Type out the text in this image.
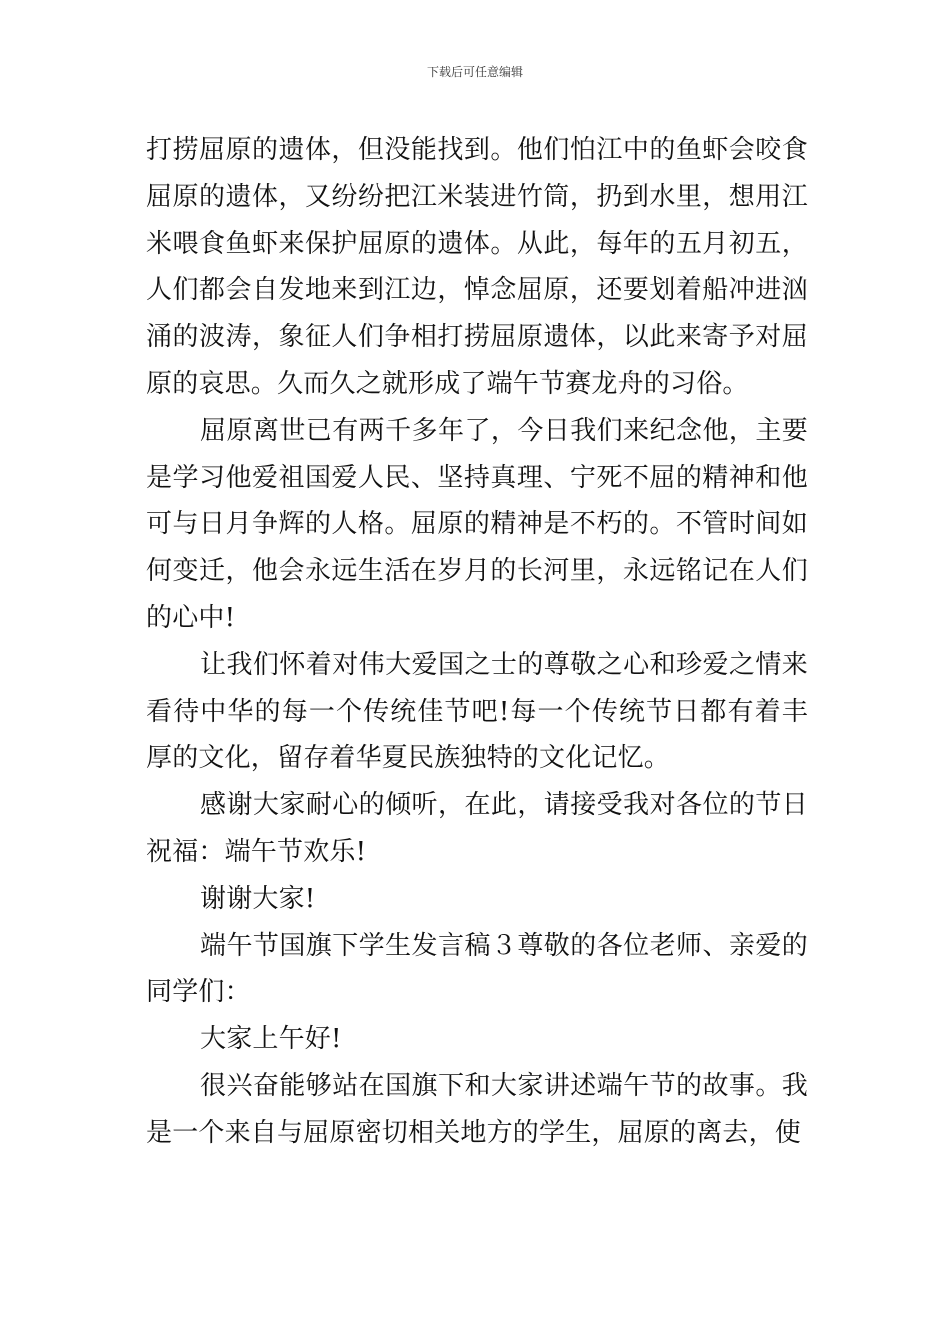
下载后可任意编辑

打捞屈原的遗体，但没能找到。他们怕江中的鱼虾会咬食屈原的遗体，又纷纷把江米装进竹筒，扔到水里，想用江米喂食鱼虾来保护屈原的遗体。从此，每年的五月初五，人们都会自发地来到江边，悼念屈原，还要划着船冲进汹涌的波涛，象征人们争相打捞屈原遗体，以此来寄予对屈原的哀思。久而久之就形成了端午节赛龙舟的习俗。

屈原离世已有两千多年了，今日我们来纪念他，主要是学习他爱祖国爱人民、坚持真理、宁死不屈的精神和他可与日月争辉的人格。屈原的精神是不朽的。不管时间如何变迁，他会永远生活在岁月的长河里，永远铭记在人们的心中!

让我们怀着对伟大爱国之士的尊敬之心和珍爱之情来看待中华的每一个传统佳节吧!每一个传统节日都有着丰厚的文化，留存着华夏民族独特的文化记忆。

感谢大家耐心的倾听，在此，请接受我对各位的节日祝福：端午节欢乐!

谢谢大家!

端午节国旗下学生发言稿３尊敬的各位老师、亲爱的同学们：

大家上午好!

很兴奋能够站在国旗下和大家讲述端午节的故事。我是一个来自与屈原密切相关地方的学生，屈原的离去，使
